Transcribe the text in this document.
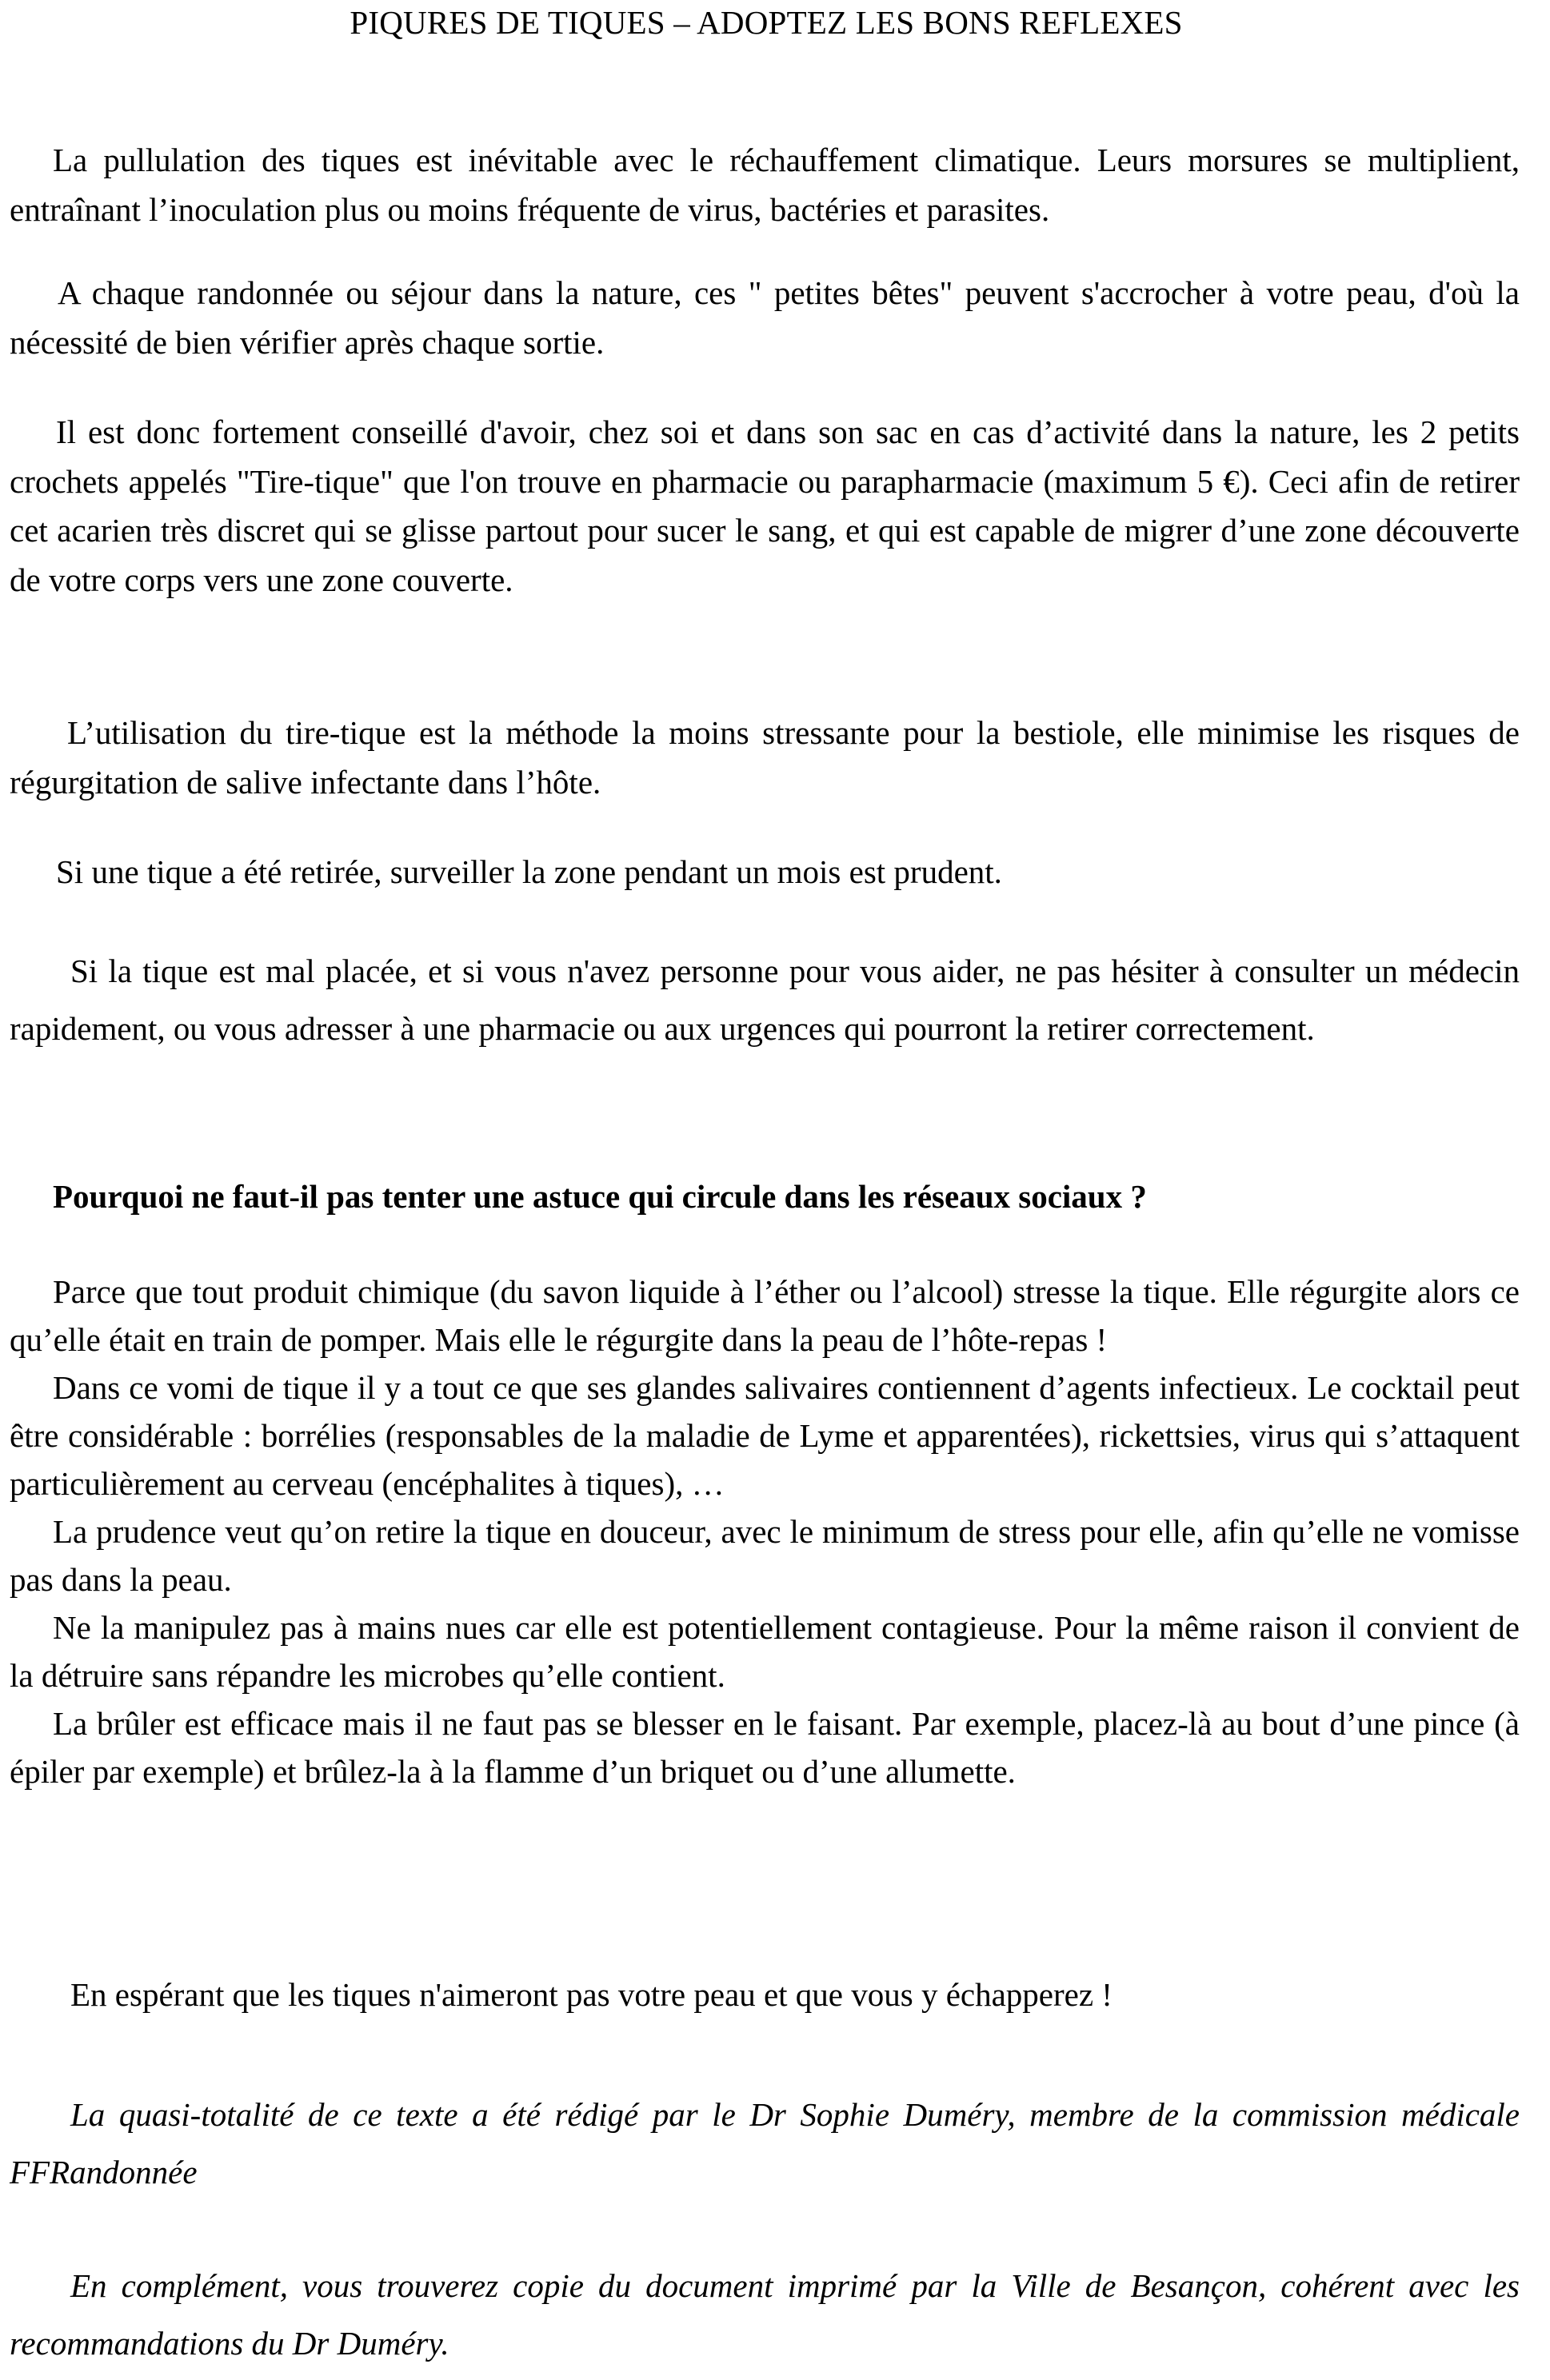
PIQURES DE TIQUES – ADOPTEZ LES BONS REFLEXES

La pullulation des tiques est inévitable avec le réchauffement climatique. Leurs morsures se multiplient, entraînant l’inoculation plus ou moins fréquente de virus, bactéries et parasites.

A chaque randonnée ou séjour dans la nature, ces " petites bêtes" peuvent s'accrocher à votre peau, d'où la nécessité de bien vérifier après chaque sortie.

Il est donc fortement conseillé d'avoir, chez soi et dans son sac en cas d’activité dans la nature, les 2 petits crochets appelés "Tire-tique" que l'on trouve en pharmacie ou parapharmacie (maximum 5 €). Ceci afin de retirer cet acarien très discret qui se glisse partout pour sucer le sang, et qui est capable de migrer d’une zone découverte de votre corps vers une zone couverte.

L’utilisation du tire-tique est la méthode la moins stressante pour la bestiole, elle minimise les risques de régurgitation de salive infectante dans l’hôte.

Si une tique a été retirée, surveiller la zone pendant un mois est prudent.

Si la tique est mal placée, et si vous n'avez personne pour vous aider, ne pas hésiter à consulter un médecin rapidement, ou vous adresser à une pharmacie ou aux urgences qui pourront la retirer correctement.

Pourquoi ne faut-il pas tenter une astuce qui circule dans les réseaux sociaux ?

Parce que tout produit chimique (du savon liquide à l’éther ou l’alcool) stresse la tique. Elle régurgite alors ce qu’elle était en train de pomper. Mais elle le régurgite dans la peau de l’hôte-repas !
Dans ce vomi de tique il y a tout ce que ses glandes salivaires contiennent d’agents infectieux. Le cocktail peut être considérable : borrélies (responsables de la maladie de Lyme et apparentées), rickettsies, virus qui s’attaquent particulièrement au cerveau (encéphalites à tiques), …
La prudence veut qu’on retire la tique en douceur, avec le minimum de stress pour elle, afin qu’elle ne vomisse pas dans la peau.
Ne la manipulez pas à mains nues car elle est potentiellement contagieuse. Pour la même raison il convient de la détruire sans répandre les microbes qu’elle contient.
La brûler est efficace mais il ne faut pas se blesser en le faisant. Par exemple, placez-là au bout d’une pince (à épiler par exemple) et brûlez-la à la flamme d’un briquet ou d’une allumette.

En espérant que les tiques n'aimeront pas votre peau et que vous y échapperez !

La quasi-totalité de ce texte a été rédigé par le Dr Sophie Duméry, membre de la commission médicale FFRandonnée

En complément, vous trouverez copie du document imprimé par la Ville de Besançon, cohérent avec les recommandations du Dr Duméry.
